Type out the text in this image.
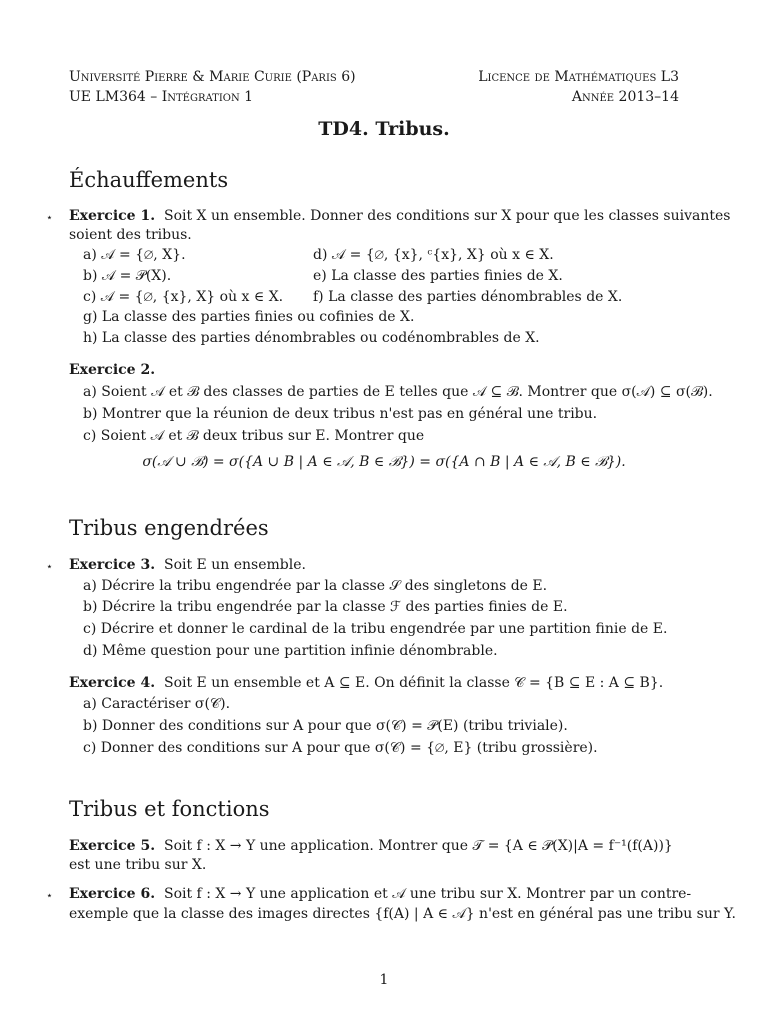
Université Pierre & Marie Curie (Paris 6)
UE LM364 – Intégration 1
Licence de Mathématiques L3
Année 2013–14
TD4. Tribus.
Échauffements
⋆ Exercice 1. Soit X un ensemble. Donner des conditions sur X pour que les classes suivantes
soient des tribus.
a) 𝒜 = {∅, X}.	d) 𝒜 = {∅, {x}, ᶜ{x}, X} où x ∈ X.
b) 𝒜 = 𝒫(X).	e) La classe des parties finies de X.
c) 𝒜 = {∅, {x}, X} où x ∈ X. f) La classe des parties dénombrables de X.
g) La classe des parties finies ou cofinies de X.
h) La classe des parties dénombrables ou codénombrables de X.
Exercice 2.
a) Soient 𝒜 et ℬ des classes de parties de E telles que 𝒜 ⊆ ℬ. Montrer que σ(𝒜) ⊆ σ(ℬ).
b) Montrer que la réunion de deux tribus n'est pas en général une tribu.
c) Soient 𝒜 et ℬ deux tribus sur E. Montrer que
σ(𝒜 ∪ ℬ) = σ({A ∪ B | A ∈ 𝒜, B ∈ ℬ}) = σ({A ∩ B | A ∈ 𝒜, B ∈ ℬ}).
Tribus engendrées
⋆ Exercice 3. Soit E un ensemble.
a) Décrire la tribu engendrée par la classe 𝒮 des singletons de E.
b) Décrire la tribu engendrée par la classe ℱ des parties finies de E.
c) Décrire et donner le cardinal de la tribu engendrée par une partition finie de E.
d) Même question pour une partition infinie dénombrable.
Exercice 4. Soit E un ensemble et A ⊆ E. On définit la classe 𝒞 = {B ⊆ E : A ⊆ B}.
a) Caractériser σ(𝒞).
b) Donner des conditions sur A pour que σ(𝒞) = 𝒫(E) (tribu triviale).
c) Donner des conditions sur A pour que σ(𝒞) = {∅, E} (tribu grossière).
Tribus et fonctions
Exercice 5. Soit f : X → Y une application. Montrer que 𝒯 = {A ∈ 𝒫(X)|A = f⁻¹(f(A))}
est une tribu sur X.
⋆ Exercice 6. Soit f : X → Y une application et 𝒜 une tribu sur X. Montrer par un contre-
exemple que la classe des images directes {f(A) | A ∈ 𝒜} n'est en général pas une tribu sur Y.
1
